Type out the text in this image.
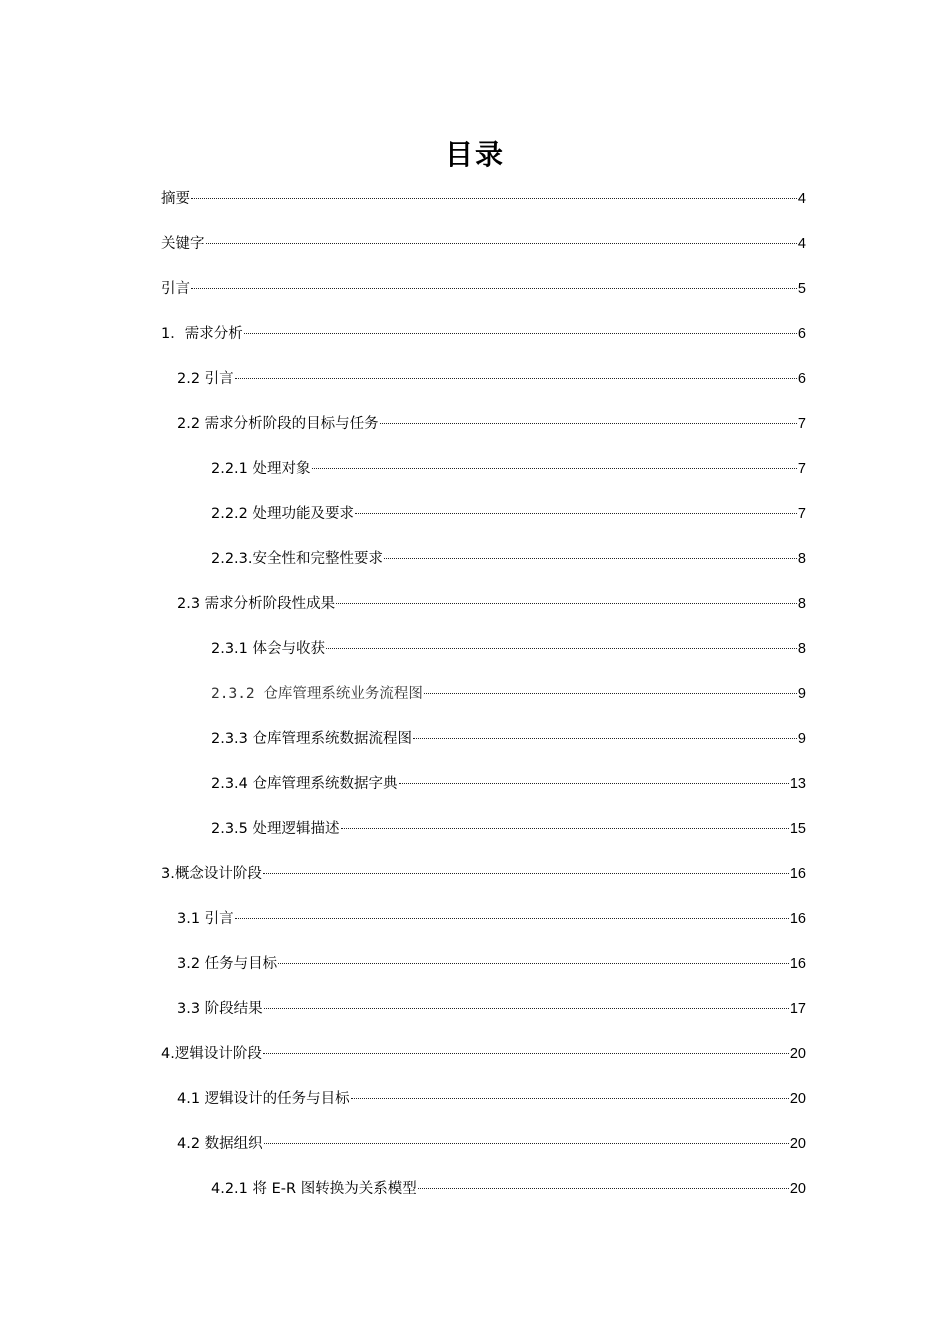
目录
摘要	4
关键字	4
引言	5
1．需求分析	6
2.2 引言	6
2.2 需求分析阶段的目标与任务	7
2.2.1 处理对象	7
2.2.2 处理功能及要求	7
2.2.3.安全性和完整性要求	8
2.3 需求分析阶段性成果	8
2.3.1 体会与收获	8
2.3.2 仓库管理系统业务流程图	9
2.3.3 仓库管理系统数据流程图	9
2.3.4 仓库管理系统数据字典	13
2.3.5 处理逻辑描述	15
3.概念设计阶段	16
3.1 引言	16
3.2 任务与目标	16
3.3 阶段结果	17
4.逻辑设计阶段	20
4.1 逻辑设计的任务与目标	20
4.2 数据组织	20
4.2.1 将 E-R 图转换为关系模型	20
